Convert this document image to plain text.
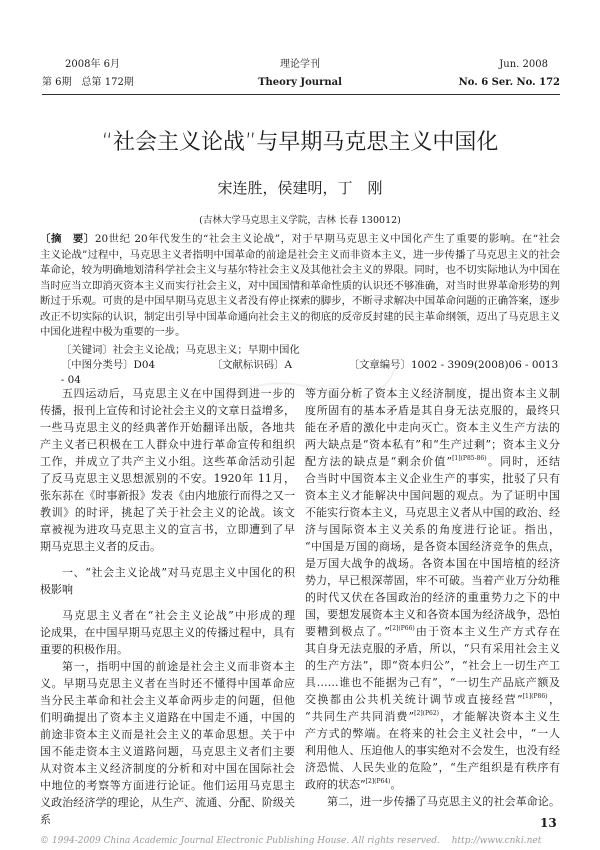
2008年 6月
第 6期　总第 172期
理论学刊
Theory Journal
Jun. 2008
No. 6 Ser. No. 172
“社会主义论战”与早期马克思主义中国化
宋连胜，侯建明，丁　刚
(吉林大学马克思主义学院，吉林 长春 130012)
〔摘　要〕20世纪 20年代发生的“社会主义论战”，对于早期马克思主义中国化产生了重要的影响。在“社会
主义论战”过程中，马克思主义者指明中国革命的前途是社会主义而非资本主义，进一步传播了马克思主义的社会
革命论，较为明确地划清科学社会主义与基尔特社会主义及其他社会主义的界限。同时，也不切实际地认为中国在
当时应当立即消灭资本主义而实行社会主义，对中国国情和革命性质的认识还不够准确，对当时世界革命形势的判
断过于乐观。可贵的是中国早期马克思主义者没有停止探索的脚步，不断寻求解决中国革命问题的正确答案，逐步
改正不切实际的认识，制定出引导中国革命通向社会主义的彻底的反帝反封建的民主革命纲领，迈出了马克思主义
中国化进程中极为重要的一步。
〔关键词〕社会主义论战；马克思主义；早期中国化
〔中图分类号〕D04	〔文献标识码〕A	〔文章编号〕1002 - 3909(2008)06 - 0013 - 04
五四运动后，马克思主义在中国得到进一步的
传播，报刊上宣传和讨论社会主义的文章日益增多，
一些马克思主义的经典著作开始翻译出版，各地共
产主义者已积极在工人群众中进行革命宣传和组织
工作，并成立了共产主义小组。这些革命活动引起
了反马克思主义思想派别的不安。1920年 11月，
张东荪在《时事新报》发表《由内地旅行而得之又一
教训》的时评，挑起了关于社会主义的论战。该文
章被视为进攻马克思主义的宣言书，立即遭到了早
期马克思主义者的反击。
一、“社会主义论战”对马克思主义中国化的积
极影响
马克思主义者在“社会主义论战”中形成的理
论成果，在中国早期马克思主义的传播过程中，具有
重要的积极作用。
第一，指明中国的前途是社会主义而非资本主
义。早期马克思主义者在当时还不懂得中国革命应
当分民主革命和社会主义革命两步走的问题，但他
们明确提出了资本主义道路在中国走不通，中国的
前途非资本主义而是社会主义的革命思想。关于中
国不能走资本主义道路问题，马克思主义者们主要
从对资本主义经济制度的分析和对中国在国际社会
中地位的考察等方面进行论证。他们运用马克思主
义政治经济学的理论，从生产、流通、分配、阶级关系
等方面分析了资本主义经济制度，提出资本主义制
度所固有的基本矛盾是其自身无法克服的，最终只
能在矛盾的激化中走向灭亡。资本主义生产方法的
两大缺点是“资本私有”和“生产过剩”；资本主义分
配方法的缺点是“剩余价值”$^{[1](P85-86)}$。同时，还结
合当时中国资本主义企业生产的事实，批驳了只有
资本主义才能解决中国问题的观点。为了证明中国
不能实行资本主义，马克思主义者从中国的政治、经
济与国际资本主义关系的角度进行论证。指出，
“中国是万国的商场，是各资本国经济竞争的焦点，
是万国大战争的战场。各资本国在中国培植的经济
势力，早已根深蒂固，牢不可破。当着产业万分幼稚
的时代又伏在各国政治的经济的重重势力之下的中
国，要想发展资本主义和各资本国为经济战争，恐怕
要糟到极点了。”$^{[2](P66)}$由于资本主义生产方式存在
其自身无法克服的矛盾，所以，“只有采用社会主义
的生产方法”，即“资本归公”，“社会上一切生产工
具……谁也不能据为己有”，“一切生产品底产额及
交换都由公共机关统计调节或直接经营”$^{[1](P86)}$，
“共同生产共同消费”$^{[2](P62)}$，才能解决资本主义生
产方式的弊端。在将来的社会主义社会中，“一人
利用他人、压迫他人的事实绝对不会发生，也没有经
济恐慌、人民失业的危险”，“生产组织是有秩序有
政府的状态”$^{[2](P64)}$。
第二，进一步传播了马克思主义的社会革命论。
13
© 1994-2009 China Academic Journal Electronic Publishing House. All rights reserved.　 http://www.cnki.net
